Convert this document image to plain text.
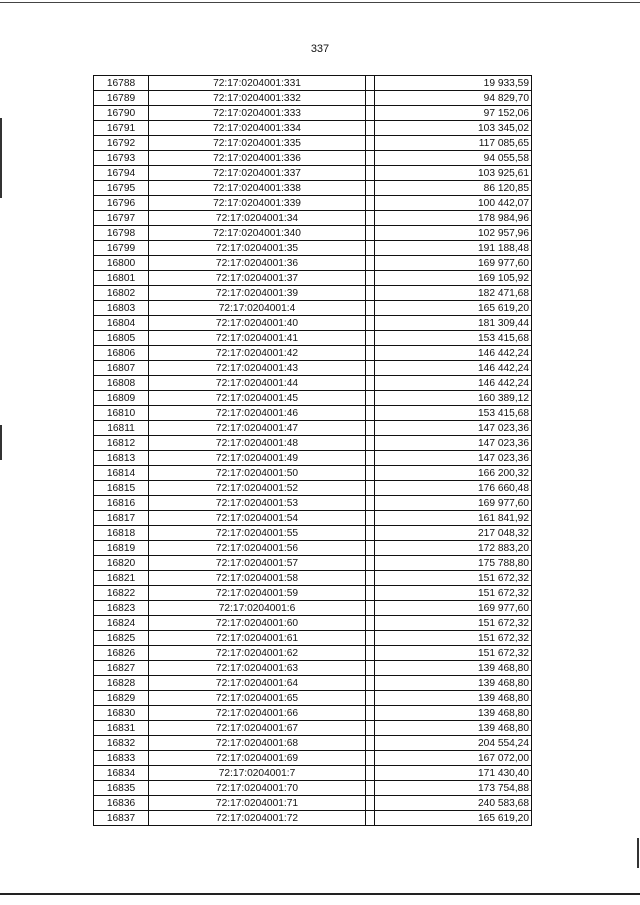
337
16788	72:17:0204001:331		19 933,59
16789	72:17:0204001:332		94 829,70
16790	72:17:0204001:333		97 152,06
16791	72:17:0204001:334		103 345,02
16792	72:17:0204001:335		117 085,65
16793	72:17:0204001:336		94 055,58
16794	72:17:0204001:337		103 925,61
16795	72:17:0204001:338		86 120,85
16796	72:17:0204001:339		100 442,07
16797	72:17:0204001:34		178 984,96
16798	72:17:0204001:340		102 957,96
16799	72:17:0204001:35		191 188,48
16800	72:17:0204001:36		169 977,60
16801	72:17:0204001:37		169 105,92
16802	72:17:0204001:39		182 471,68
16803	72:17:0204001:4		165 619,20
16804	72:17:0204001:40		181 309,44
16805	72:17:0204001:41		153 415,68
16806	72:17:0204001:42		146 442,24
16807	72:17:0204001:43		146 442,24
16808	72:17:0204001:44		146 442,24
16809	72:17:0204001:45		160 389,12
16810	72:17:0204001:46		153 415,68
16811	72:17:0204001:47		147 023,36
16812	72:17:0204001:48		147 023,36
16813	72:17:0204001:49		147 023,36
16814	72:17:0204001:50		166 200,32
16815	72:17:0204001:52		176 660,48
16816	72:17:0204001:53		169 977,60
16817	72:17:0204001:54		161 841,92
16818	72:17:0204001:55		217 048,32
16819	72:17:0204001:56		172 883,20
16820	72:17:0204001:57		175 788,80
16821	72:17:0204001:58		151 672,32
16822	72:17:0204001:59		151 672,32
16823	72:17:0204001:6		169 977,60
16824	72:17:0204001:60		151 672,32
16825	72:17:0204001:61		151 672,32
16826	72:17:0204001:62		151 672,32
16827	72:17:0204001:63		139 468,80
16828	72:17:0204001:64		139 468,80
16829	72:17:0204001:65		139 468,80
16830	72:17:0204001:66		139 468,80
16831	72:17:0204001:67		139 468,80
16832	72:17:0204001:68		204 554,24
16833	72:17:0204001:69		167 072,00
16834	72:17:0204001:7		171 430,40
16835	72:17:0204001:70		173 754,88
16836	72:17:0204001:71		240 583,68
16837	72:17:0204001:72		165 619,20
